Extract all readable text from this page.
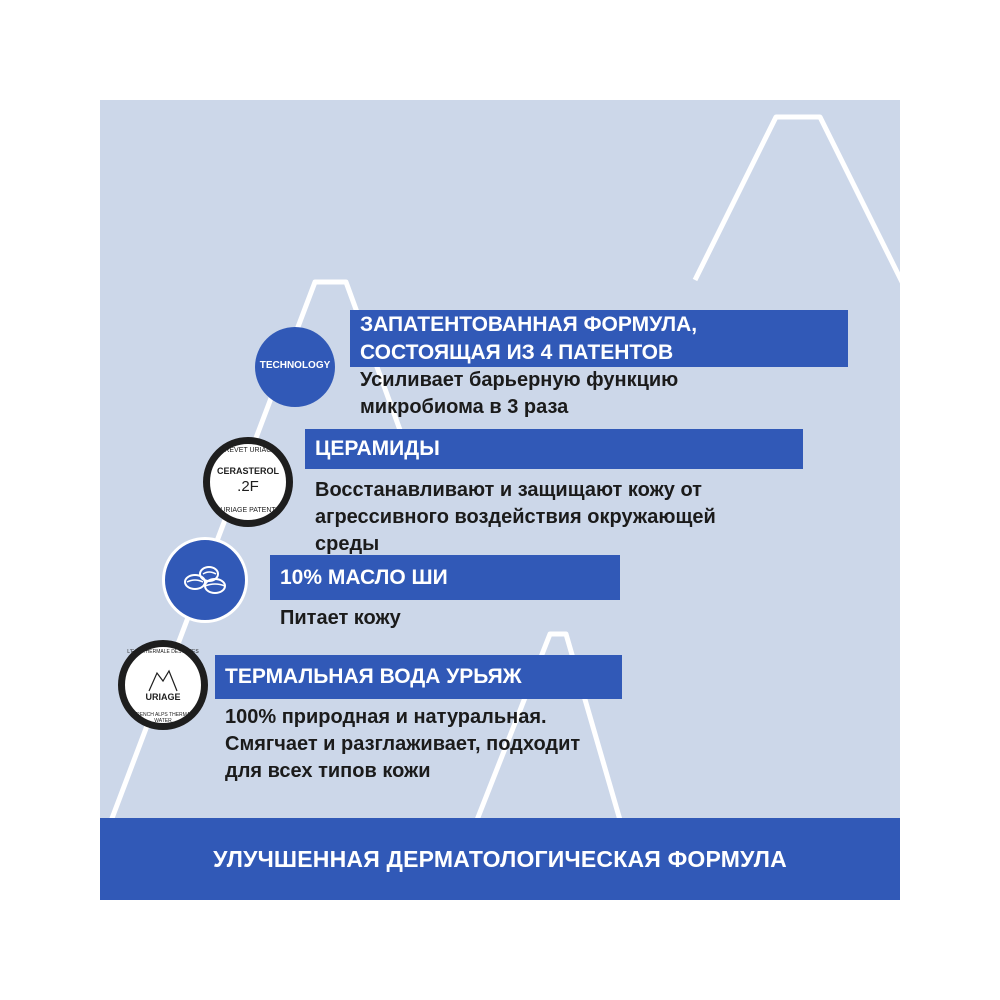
TECHNOLOGY
ЗАПАТЕНТОВАННАЯ ФОРМУЛА,
СОСТОЯЩАЯ ИЗ 4 ПАТЕНТОВ
Усиливает барьерную функцию
микробиома в 3 раза
BREVET URIAGE
CERASTEROL
.2F
URIAGE PATENT
ЦЕРАМИДЫ
Восстанавливают и защищают кожу от
агрессивного воздействия окружающей
среды
10% МАСЛО ШИ
Питает кожу
L'EAU THERMALE DES ALPES
URIAGE
FRENCH ALPS THERMAL WATER
ТЕРМАЛЬНАЯ ВОДА УРЬЯЖ
100% природная и натуральная.
Смягчает и разглаживает, подходит
для всех типов кожи
УЛУЧШЕННАЯ ДЕРМАТОЛОГИЧЕСКАЯ ФОРМУЛА
